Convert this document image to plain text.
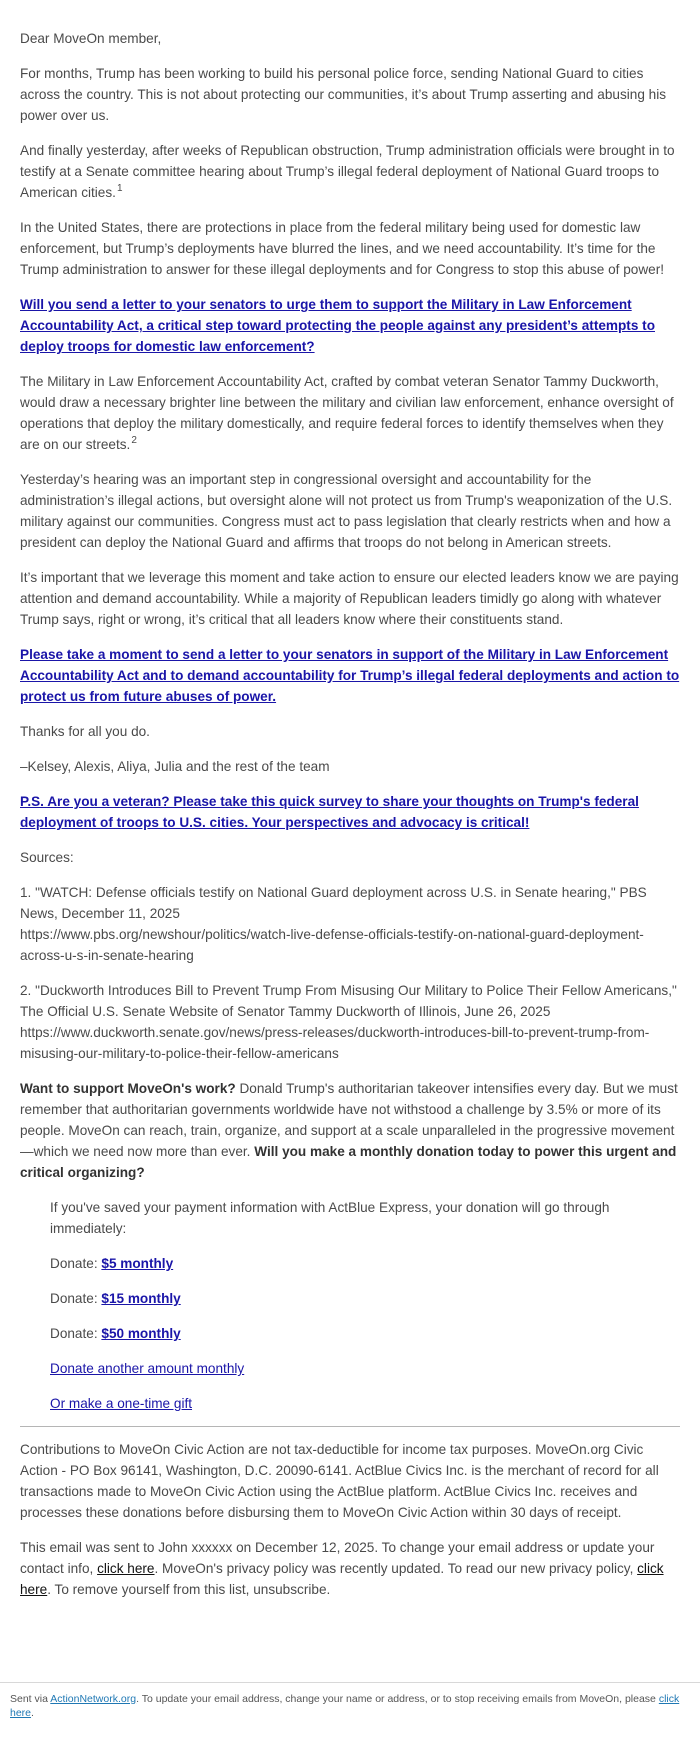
Dear MoveOn member,

For months, Trump has been working to build his personal police force, sending National Guard to cities across the country. This is not about protecting our communities, it’s about Trump asserting and abusing his power over us.

And finally yesterday, after weeks of Republican obstruction, Trump administration officials were brought in to testify at a Senate committee hearing about Trump’s illegal federal deployment of National Guard troops to American cities.$^1$

In the United States, there are protections in place from the federal military being used for domestic law enforcement, but Trump’s deployments have blurred the lines, and we need accountability. It’s time for the Trump administration to answer for these illegal deployments and for Congress to stop this abuse of power!

Will you send a letter to your senators to urge them to support the Military in Law Enforcement Accountability Act, a critical step toward protecting the people against any president’s attempts to deploy troops for domestic law enforcement?

The Military in Law Enforcement Accountability Act, crafted by combat veteran Senator Tammy Duckworth, would draw a necessary brighter line between the military and civilian law enforcement, enhance oversight of operations that deploy the military domestically, and require federal forces to identify themselves when they are on our streets.$^2$

Yesterday’s hearing was an important step in congressional oversight and accountability for the administration’s illegal actions, but oversight alone will not protect us from Trump's weaponization of the U.S. military against our communities. Congress must act to pass legislation that clearly restricts when and how a president can deploy the National Guard and affirms that troops do not belong in American streets.

It’s important that we leverage this moment and take action to ensure our elected leaders know we are paying attention and demand accountability. While a majority of Republican leaders timidly go along with whatever Trump says, right or wrong, it’s critical that all leaders know where their constituents stand.

Please take a moment to send a letter to your senators in support of the Military in Law Enforcement Accountability Act and to demand accountability for Trump’s illegal federal deployments and action to protect us from future abuses of power.

Thanks for all you do.

–Kelsey, Alexis, Aliya, Julia and the rest of the team

P.S. Are you a veteran? Please take this quick survey to share your thoughts on Trump's federal deployment of troops to U.S. cities. Your perspectives and advocacy is critical!

Sources:

1. "WATCH: Defense officials testify on National Guard deployment across U.S. in Senate hearing," PBS News, December 11, 2025
https://www.pbs.org/newshour/politics/watch-live-defense-officials-testify-on-national-guard-deployment-across-u-s-in-senate-hearing

2. "Duckworth Introduces Bill to Prevent Trump From Misusing Our Military to Police Their Fellow Americans," The Official U.S. Senate Website of Senator Tammy Duckworth of Illinois, June 26, 2025
https://www.duckworth.senate.gov/news/press-releases/duckworth-introduces-bill-to-prevent-trump-from-misusing-our-military-to-police-their-fellow-americans

Want to support MoveOn's work? Donald Trump's authoritarian takeover intensifies every day. But we must remember that authoritarian governments worldwide have not withstood a challenge by 3.5% or more of its people. MoveOn can reach, train, organize, and support at a scale unparalleled in the progressive movement—which we need now more than ever. Will you make a monthly donation today to power this urgent and critical organizing?

If you've saved your payment information with ActBlue Express, your donation will go through immediately:

Donate: $5 monthly

Donate: $15 monthly

Donate: $50 monthly

Donate another amount monthly

Or make a one-time gift

Contributions to MoveOn Civic Action are not tax-deductible for income tax purposes. MoveOn.org Civic Action - PO Box 96141, Washington, D.C. 20090-6141. ActBlue Civics Inc. is the merchant of record for all transactions made to MoveOn Civic Action using the ActBlue platform. ActBlue Civics Inc. receives and processes these donations before disbursing them to MoveOn Civic Action within 30 days of receipt.

This email was sent to John xxxxxx on December 12, 2025. To change your email address or update your contact info, click here. MoveOn's privacy policy was recently updated. To read our new privacy policy, click here. To remove yourself from this list, unsubscribe.

Sent via ActionNetwork.org. To update your email address, change your name or address, or to stop receiving emails from MoveOn, please click here.
